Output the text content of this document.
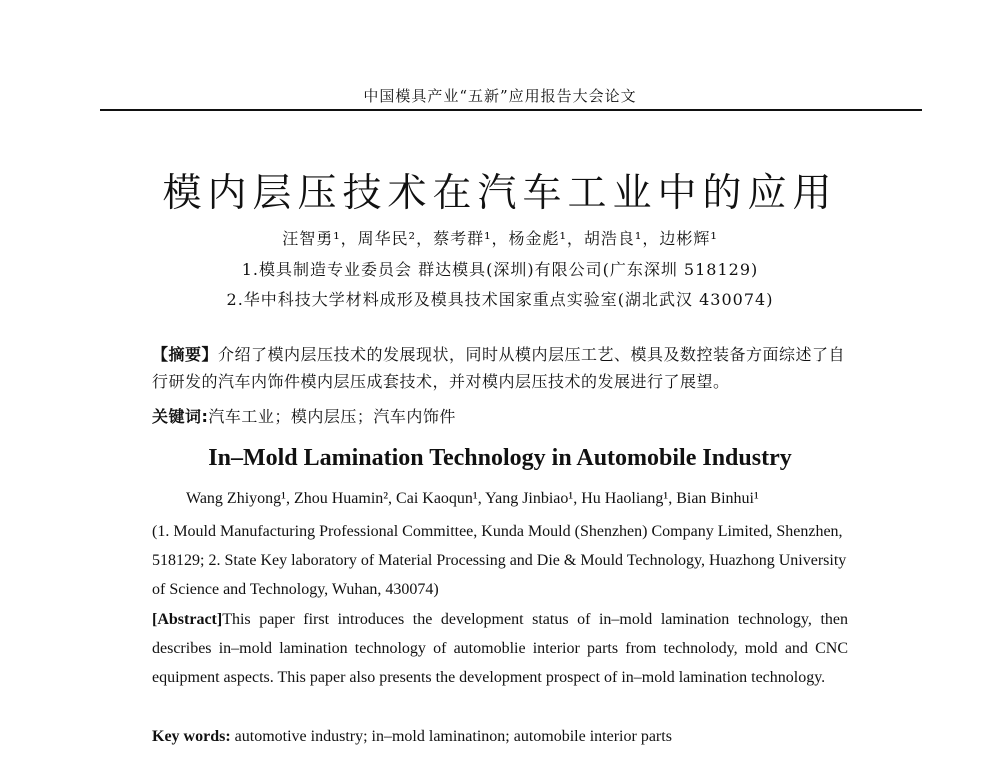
中国模具产业“五新”应用报告大会论文
模内层压技术在汽车工业中的应用
汪智勇¹，周华民²，蔡考群¹，杨金彪¹，胡浩良¹，边彬辉¹
1.模具制造专业委员会 群达模具(深圳)有限公司(广东深圳 518129)
2.华中科技大学材料成形及模具技术国家重点实验室(湖北武汉 430074)
【摘要】介绍了模内层压技术的发展现状，同时从模内层压工艺、模具及数控装备方面综述了自行研发的汽车内饰件模内层压成套技术，并对模内层压技术的发展进行了展望。
关键词:汽车工业；模内层压；汽车内饰件
In–Mold Lamination Technology in Automobile Industry
Wang Zhiyong¹, Zhou Huamin², Cai Kaoqun¹, Yang Jinbiao¹, Hu Haoliang¹, Bian Binhui¹
(1. Mould Manufacturing Professional Committee, Kunda Mould (Shenzhen) Company Limited, Shenzhen, 518129; 2. State Key laboratory of Material Processing and Die & Mould Technology, Huazhong University of Science and Technology, Wuhan, 430074)
[Abstract]This paper first introduces the development status of in–mold lamination technology, then describes in–mold lamination technology of automoblie interior parts from technolody, mold and CNC equipment aspects. This paper also presents the development prospect of in–mold lamination technology.
Key words: automotive industry; in–mold laminatinon; automobile interior parts
